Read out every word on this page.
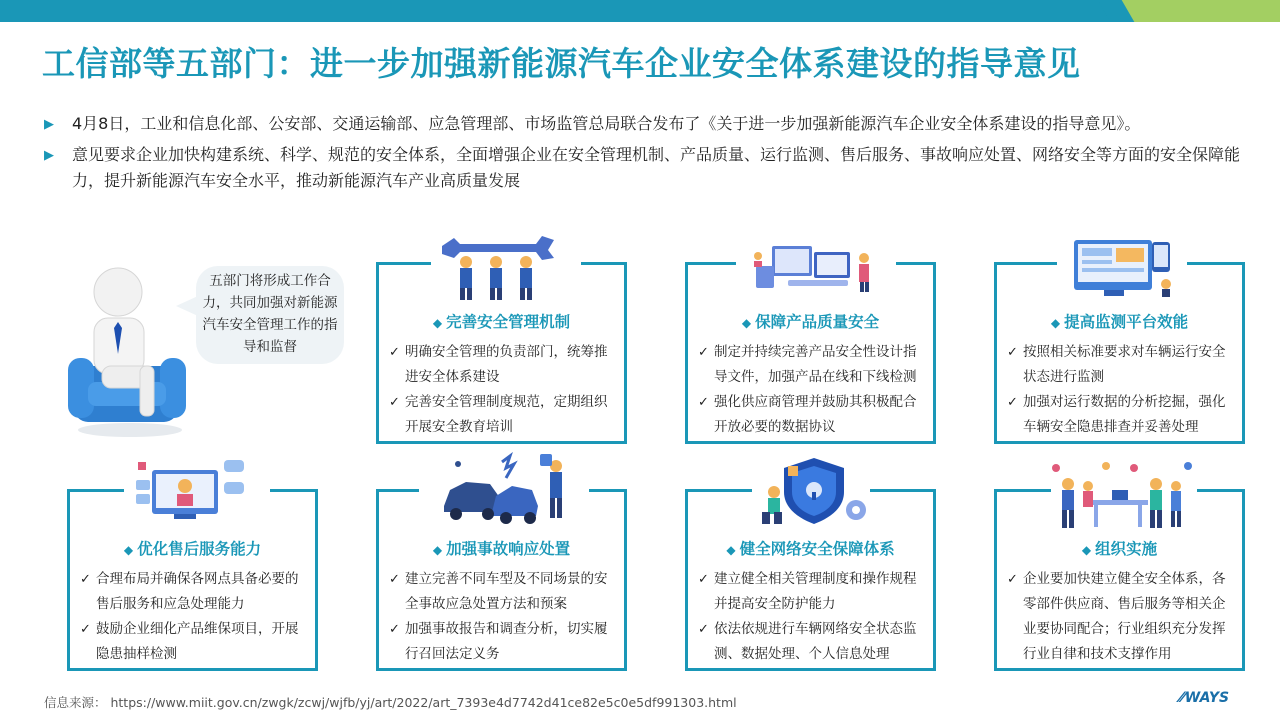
工信部等五部门：进一步加强新能源汽车企业安全体系建设的指导意见
▶	4月8日，工业和信息化部、公安部、交通运输部、应急管理部、市场监管总局联合发布了《关于进一步加强新能源汽车企业安全体系建设的指导意见》。
▶	意见要求企业加快构建系统、科学、规范的安全体系，全面增强企业在安全管理机制、产品质量、运行监测、售后服务、事故响应处置、网络安全等方面的安全保障能力，提升新能源汽车安全水平，推动新能源汽车产业高质量发展
五部门将形成工作合力，共同加强对新能源汽车安全管理工作的指导和监督
◆ 完善安全管理机制
✓ 明确安全管理的负责部门，统筹推进安全体系建设
✓ 完善安全管理制度规范，定期组织开展安全教育培训
◆ 保障产品质量安全
✓ 制定并持续完善产品安全性设计指导文件，加强产品在线和下线检测
✓ 强化供应商管理并鼓励其积极配合开放必要的数据协议
◆ 提高监测平台效能
✓ 按照相关标准要求对车辆运行安全状态进行监测
✓ 加强对运行数据的分析挖掘，强化车辆安全隐患排查并妥善处理
◆ 优化售后服务能力
✓ 合理布局并确保各网点具备必要的售后服务和应急处理能力
✓ 鼓励企业细化产品维保项目，开展隐患抽样检测
◆ 加强事故响应处置
✓ 建立完善不同车型及不同场景的安全事故应急处置方法和预案
✓ 加强事故报告和调查分析，切实履行召回法定义务
◆ 健全网络安全保障体系
✓ 建立健全相关管理制度和操作规程并提高安全防护能力
✓ 依法依规进行车辆网络安全状态监测、数据处理、个人信息处理
◆ 组织实施
✓ 企业要加快建立健全安全体系，各零部件供应商、售后服务等相关企业要协同配合；行业组织充分发挥行业自律和技术支撑作用
信息来源： https://www.miit.gov.cn/zwgk/zcwj/wjfb/yj/art/2022/art_7393e4d7742d41ce82e5c0e5df991303.html	⁄⁄WAYS
